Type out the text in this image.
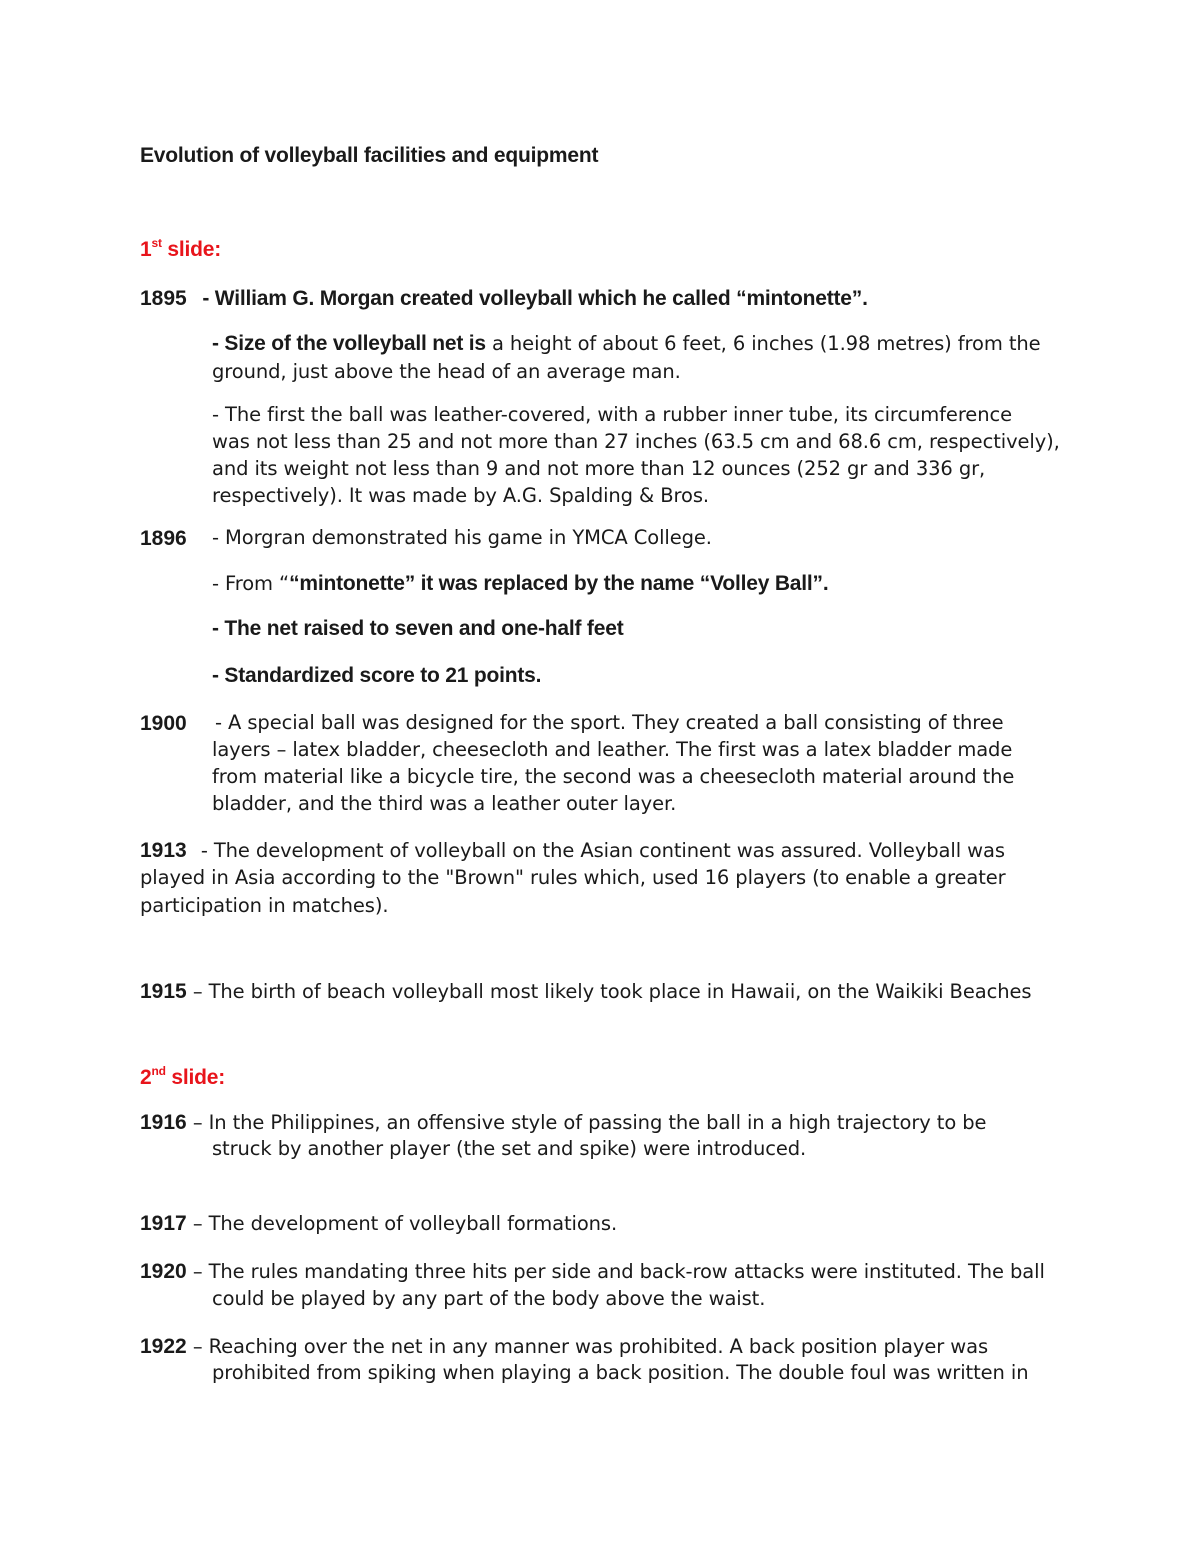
Evolution of volleyball facilities and equipment
1st slide:
1895 - William G. Morgan created volleyball which he called “mintonette”.
- Size of the volleyball net is a height of about 6 feet, 6 inches (1.98 metres) from the
ground, just above the head of an average man.
- The first the ball was leather-covered, with a rubber inner tube, its circumference
was not less than 25 and not more than 27 inches (63.5 cm and 68.6 cm, respectively),
and its weight not less than 9 and not more than 12 ounces (252 gr and 336 gr,
respectively). It was made by A.G. Spalding & Bros.
1896 - Morgran demonstrated his game in YMCA College.
- From ““mintonette” it was replaced by the name “Volley Ball”.
- The net raised to seven and one-half feet
- Standardized score to 21 points.
1900 - A special ball was designed for the sport. They created a ball consisting of three
layers – latex bladder, cheesecloth and leather. The first was a latex bladder made
from material like a bicycle tire, the second was a cheesecloth material around the
bladder, and the third was a leather outer layer.
1913 - The development of volleyball on the Asian continent was assured. Volleyball was
played in Asia according to the "Brown" rules which, used 16 players (to enable a greater
participation in matches).
1915 – The birth of beach volleyball most likely took place in Hawaii, on the Waikiki Beaches
2nd slide:
1916 – In the Philippines, an offensive style of passing the ball in a high trajectory to be
struck by another player (the set and spike) were introduced.
1917 – The development of volleyball formations.
1920 – The rules mandating three hits per side and back-row attacks were instituted. The ball
could be played by any part of the body above the waist.
1922 – Reaching over the net in any manner was prohibited. A back position player was
prohibited from spiking when playing a back position. The double foul was written in
